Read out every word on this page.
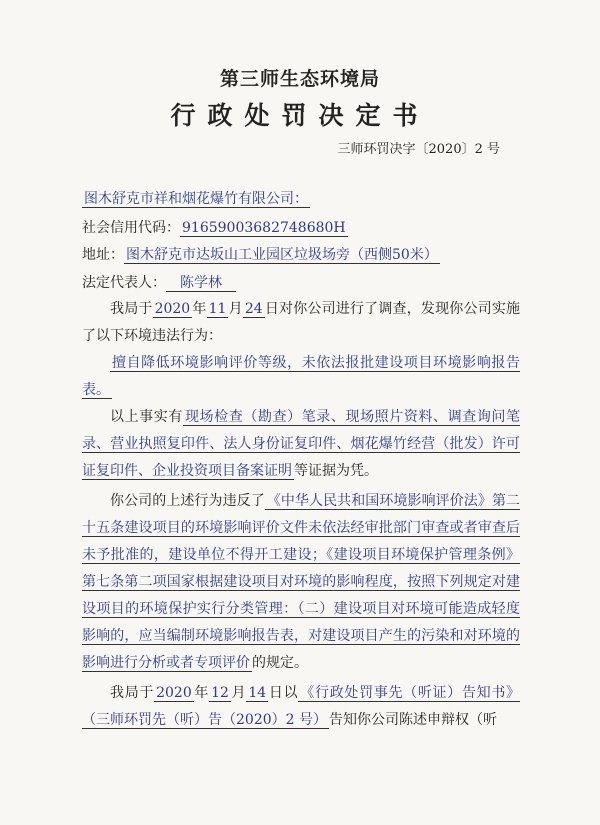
第三师生态环境局
行政处罚决定书
三师环罚决字〔2020〕2 号
图木舒克市祥和烟花爆竹有限公司：
社会信用代码： 91659003682748680H
地址： 图木舒克市达坂山工业园区垃圾场旁（西侧50米）
法定代表人： 陈学林
我局于 2020 年 11 月 24 日对你公司进行了调查，发现你公司实施了以下环境违法行为：
擅自降低环境影响评价等级，未依法报批建设项目环境影响报告表。
以上事实有 现场检查（勘查）笔录、现场照片资料、调查询问笔录、营业执照复印件、法人身份证复印件、烟花爆竹经营（批发）许可证复印件、企业投资项目备案证明 等证据为凭。
你公司的上述行为违反了 《中华人民共和国环境影响评价法》第二十五条建设项目的环境影响评价文件未依法经审批部门审查或者审查后未予批准的，建设单位不得开工建设；《建设项目环境保护管理条例》第七条第二项国家根据建设项目对环境的影响程度，按照下列规定对建设项目的环境保护实行分类管理：（二）建设项目对环境可能造成轻度影响的，应当编制环境影响报告表，对建设项目产生的污染和对环境的影响进行分析或者专项评价 的规定。
我局于 2020 年 12 月 14 日以 《行政处罚事先（听证）告知书》（三师环罚先（听）告（2020）2 号） 告知你公司陈述申辩权（听
